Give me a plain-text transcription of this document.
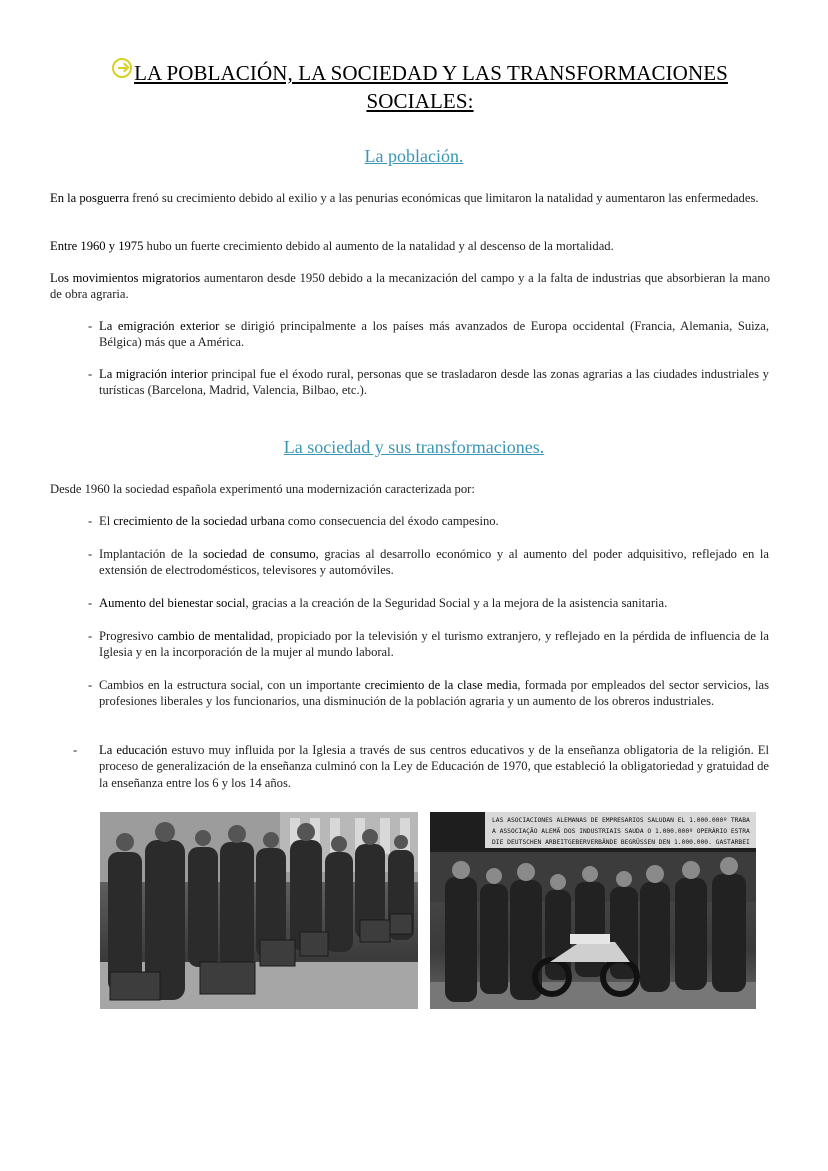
LA POBLACIÓN, LA SOCIEDAD Y LAS TRANSFORMACIONES
SOCIALES:
La población.
En la posguerra frenó su crecimiento debido al exilio y a las penurias económicas que limitaron la natalidad y aumentaron las enfermedades.
Entre 1960 y 1975 hubo un fuerte crecimiento debido al aumento de la natalidad y al descenso de la mortalidad.
Los movimientos migratorios aumentaron desde 1950 debido a la mecanización del campo y a la falta de industrias que absorbieran la mano de obra agraria.
- La emigración exterior se dirigió principalmente a los países más avanzados de Europa occidental (Francia, Alemania, Suiza, Bélgica) más que a América.
- La migración interior principal fue el éxodo rural, personas que se trasladaron desde las zonas agrarias a las ciudades industriales y turísticas (Barcelona, Madrid, Valencia, Bilbao, etc.).
La sociedad y sus transformaciones.
Desde 1960 la sociedad española experimentó una modernización caracterizada por:
- El crecimiento de la sociedad urbana como consecuencia del éxodo campesino.
- Implantación de la sociedad de consumo, gracias al desarrollo económico y al aumento del poder adquisitivo, reflejado en la extensión de electrodomésticos, televisores y automóviles.
- Aumento del bienestar social, gracias a la creación de la Seguridad Social y a la mejora de la asistencia sanitaria.
- Progresivo cambio de mentalidad, propiciado por la televisión y el turismo extranjero, y reflejado en la pérdida de influencia de la Iglesia y en la incorporación de la mujer al mundo laboral.
- Cambios en la estructura social, con un importante crecimiento de la clase media, formada por empleados del sector servicios, las profesiones liberales y los funcionarios, una disminución de la población agraria y un aumento de los obreros industriales.
- La educación estuvo muy influida por la Iglesia a través de sus centros educativos y de la enseñanza obligatoria de la religión. El proceso de generalización de la enseñanza culminó con la Ley de Educación de 1970, que estableció la obligatoriedad y gratuidad de la enseñanza entre los 6 y los 14 años.
LAS ASOCIACIONES ALEMANAS DE EMPRESARIOS SALUDAN EL 1.000.000º TRABA
A ASSOCIAÇÃO ALEMÃ DOS INDUSTRIAIS SAUDA O 1.000.000º OPERÁRIO ESTRA
DIE DEUTSCHEN ARBEITGEBERVERBÄNDE BEGRÜSSEN DEN 1.000.000. GASTARBEI
